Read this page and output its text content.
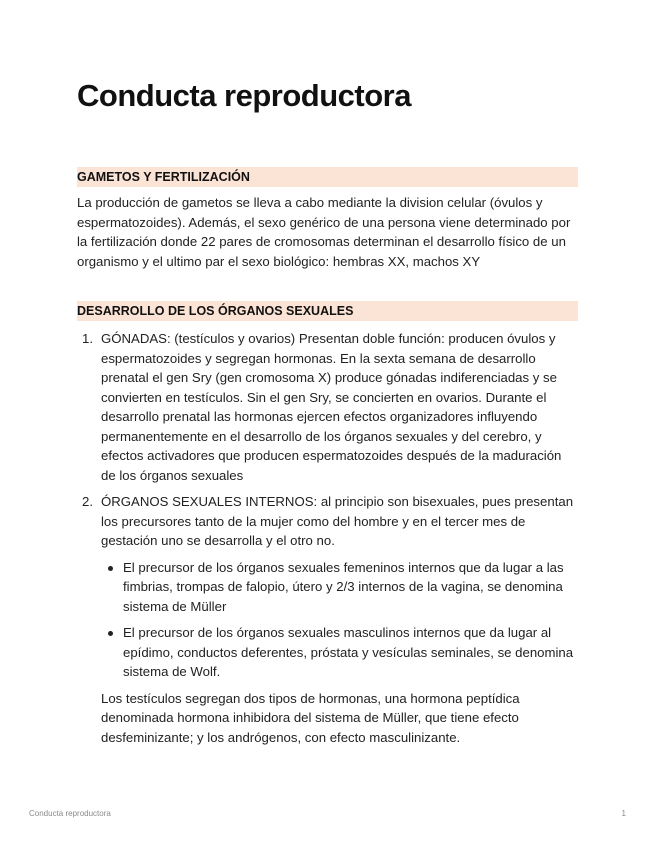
Conducta reproductora
GAMETOS Y FERTILIZACIÓN

La producción de gametos se lleva a cabo mediante la division celular (óvulos y espermatozoides). Además, el sexo genérico de una persona viene determinado por la fertilización donde 22 pares de cromosomas determinan el desarrollo físico de un organismo y el ultimo par el sexo biológico: hembras XX, machos XY

DESARROLLO DE LOS ÓRGANOS SEXUALES
1. GÓNADAS: (testículos y ovarios) Presentan doble función: producen óvulos y espermatozoides y segregan hormonas. En la sexta semana de desarrollo prenatal el gen Sry (gen cromosoma X) produce gónadas indiferenciadas y se convierten en testículos. Sin el gen Sry, se concierten en ovarios. Durante el desarrollo prenatal las hormonas ejercen efectos organizadores influyendo permanentemente en el desarrollo de los órganos sexuales y del cerebro, y efectos activadores que producen espermatozoides después de la maduración de los órganos sexuales
2. ÓRGANOS SEXUALES INTERNOS: al principio son bisexuales, pues presentan los precursores tanto de la mujer como del hombre y en el tercer mes de gestación uno se desarrolla y el otro no.
El precursor de los órganos sexuales femeninos internos que da lugar a las fimbrias, trompas de falopio, útero y 2/3 internos de la vagina, se denomina sistema de Müller
El precursor de los órganos sexuales masculinos internos que da lugar al epídimo, conductos deferentes, próstata y vesículas seminales, se denomina sistema de Wolf.

Los testículos segregan dos tipos de hormonas, una hormona peptídica denominada hormona inhibidora del sistema de Müller, que tiene efecto desfeminizante; y los andrógenos, con efecto masculinizante.

Conducta reproductora	1
